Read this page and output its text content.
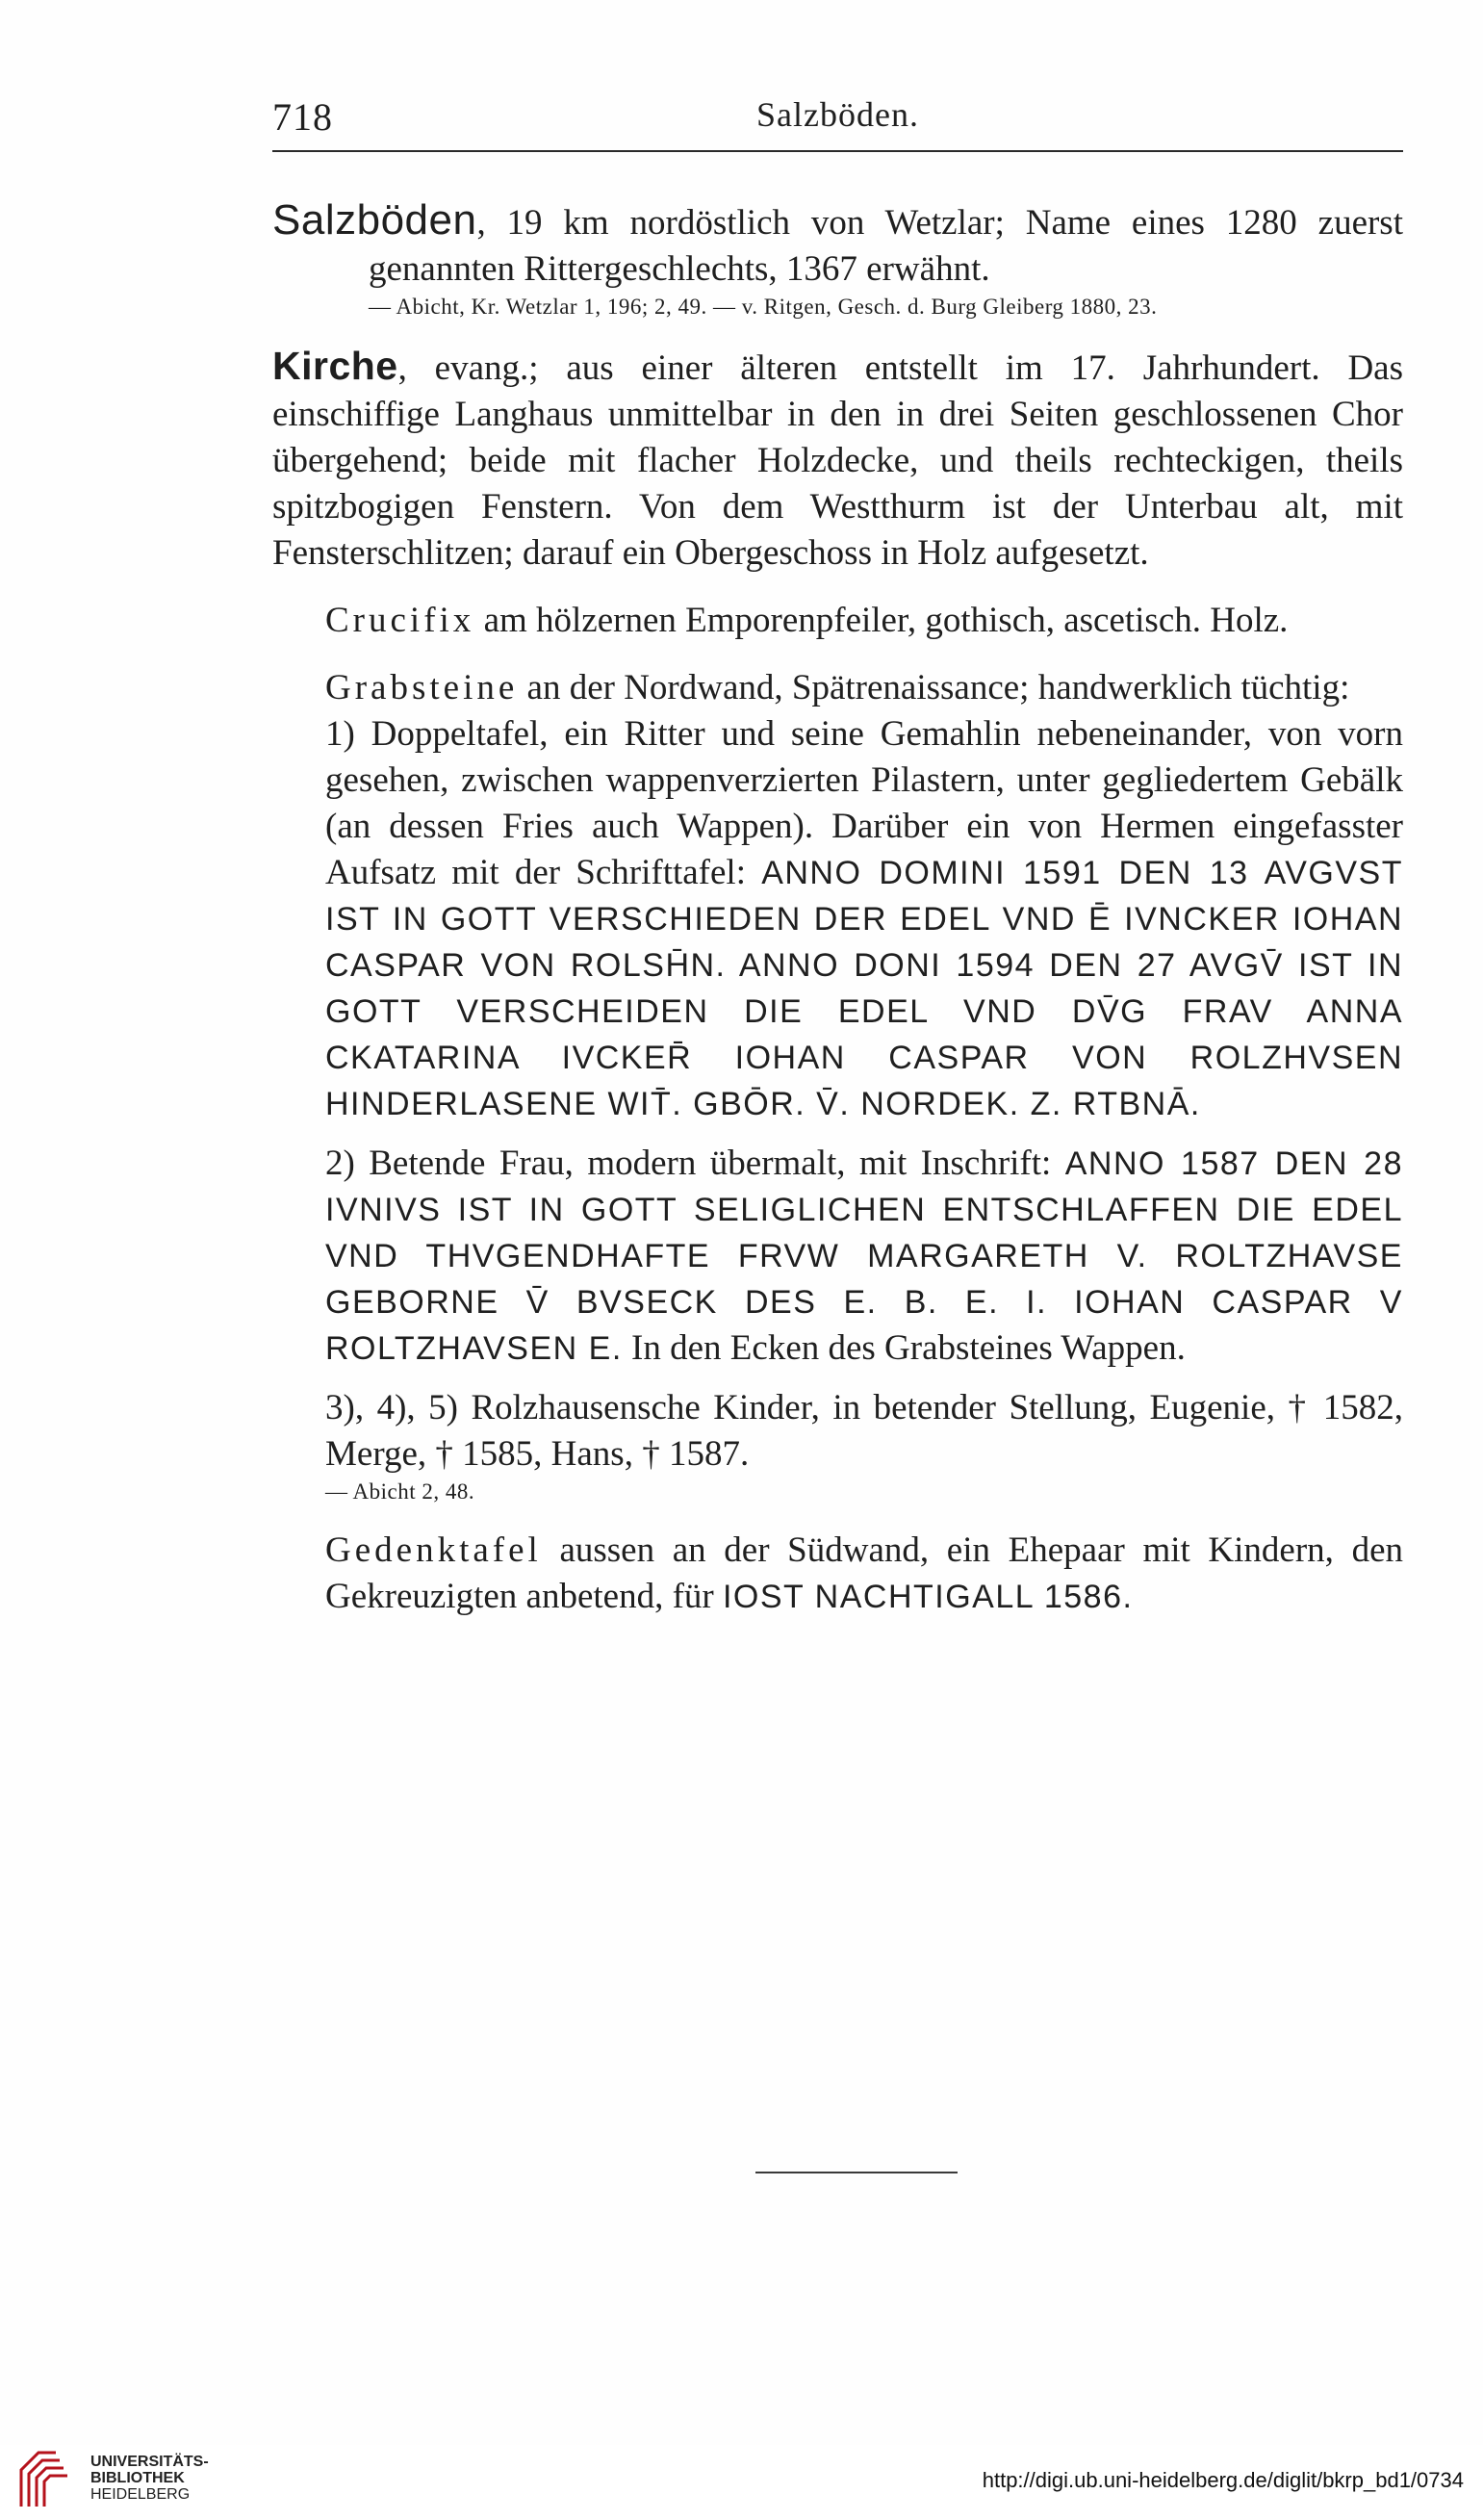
718	Salzböden.

Salzböden, 19 km nordöstlich von Wetzlar; Name eines 1280 zuerst genannten Rittergeschlechts, 1367 erwähnt.

— Abicht, Kr. Wetzlar 1, 196; 2, 49. — v. Ritgen, Gesch. d. Burg Gleiberg 1880, 23.

Kirche, evang.; aus einer älteren entstellt im 17. Jahrhundert. Das einschiffige Langhaus unmittelbar in den in drei Seiten geschlossenen Chor übergehend; beide mit flacher Holzdecke, und theils rechteckigen, theils spitzbogigen Fenstern. Von dem Westthurm ist der Unterbau alt, mit Fensterschlitzen; darauf ein Obergeschoss in Holz aufgesetzt.

Crucifix am hölzernen Emporenpfeiler, gothisch, ascetisch. Holz.

Grabsteine an der Nordwand, Spätrenaissance; handwerklich tüchtig:

1) Doppeltafel, ein Ritter und seine Gemahlin nebeneinander, von vorn gesehen, zwischen wappenverzierten Pilastern, unter gegliedertem Gebälk (an dessen Fries auch Wappen). Darüber ein von Hermen eingefasster Aufsatz mit der Schrifttafel: ANNO DOMINI 1591 DEN 13 AVGVST IST IN GOTT VERSCHIEDEN DER EDEL VND Ē IVNCKER IOHAN CASPAR VON ROLSH̄N. ANNO DONI 1594 DEN 27 AVGV̄ IST IN GOTT VERSCHEIDEN DIE EDEL VND DV̄G FRAV ANNA CKATARINA IVCKER̄ IOHAN CASPAR VON ROLZHVSEN HINDERLASENE WIT̄. GBŌR. V̄. NORDEK. Z. RTBNĀ.

2) Betende Frau, modern übermalt, mit Inschrift: ANNO 1587 DEN 28 IVNIVS IST IN GOTT SELIGLICHEN ENTSCHLAFFEN DIE EDEL VND THVGENDHAFTE FRVW MARGARETH V. ROLTZHAVSE GEBORNE V̄ BVSECK DES E. B. E. I. IOHAN CASPAR V ROLTZHAVSEN E. In den Ecken des Grabsteines Wappen.

3), 4), 5) Rolzhausensche Kinder, in betender Stellung, Eugenie, † 1582, Merge, † 1585, Hans, † 1587.

— Abicht 2, 48.

Gedenktafel aussen an der Südwand, ein Ehepaar mit Kindern, den Gekreuzigten anbetend, für IOST NACHTIGALL 1586.

UNIVERSITÄTS-
BIBLIOTHEK
HEIDELBERG
http://digi.ub.uni-heidelberg.de/diglit/bkrp_bd1/0734
